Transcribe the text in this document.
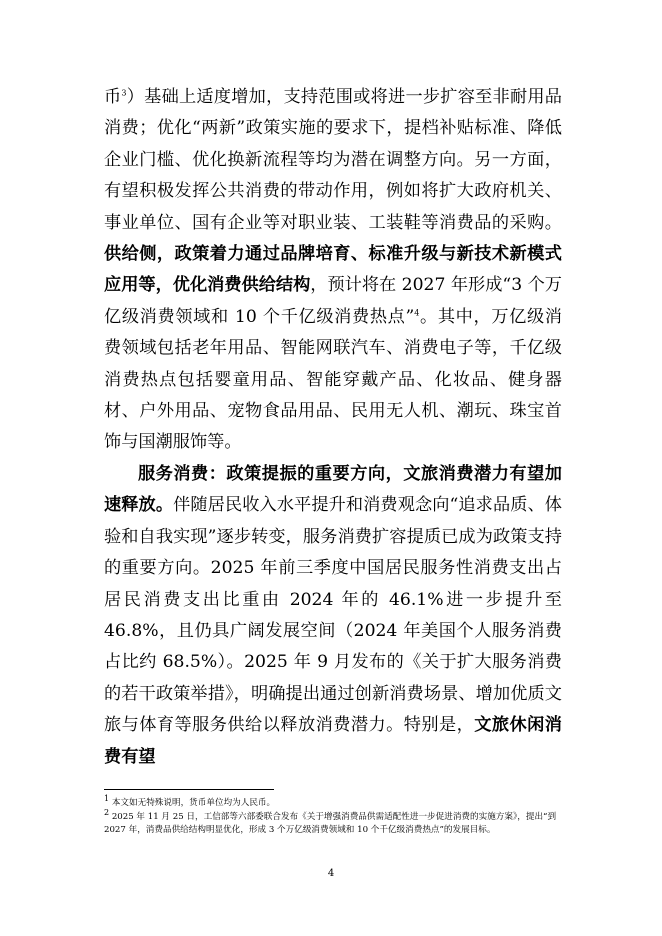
币$^3$）基础上适度增加，支持范围或将进一步扩容至非耐用品消费；优化“两新”政策实施的要求下，提档补贴标准、降低企业门槛、优化换新流程等均为潜在调整方向。另一方面，有望积极发挥公共消费的带动作用，例如将扩大政府机关、事业单位、国有企业等对职业装、工装鞋等消费品的采购。供给侧，政策着力通过品牌培育、标准升级与新技术新模式应用等，优化消费供给结构，预计将在 2027 年形成“3 个万亿级消费领域和 10 个千亿级消费热点”$^4$。其中，万亿级消费领域包括老年用品、智能网联汽车、消费电子等，千亿级消费热点包括婴童用品、智能穿戴产品、化妆品、健身器材、户外用品、宠物食品用品、民用无人机、潮玩、珠宝首饰与国潮服饰等。

服务消费：政策提振的重要方向，文旅消费潜力有望加速释放。伴随居民收入水平提升和消费观念向“追求品质、体验和自我实现”逐步转变，服务消费扩容提质已成为政策支持的重要方向。2025 年前三季度中国居民服务性消费支出占居民消费支出比重由 2024 年的 46.1%进一步提升至 46.8%，且仍具广阔发展空间（2024 年美国个人服务消费占比约 68.5%）。2025 年 9 月发布的《关于扩大服务消费的若干政策举措》，明确提出通过创新消费场景、增加优质文旅与体育等服务供给以释放消费潜力。特别是，文旅休闲消费有望

$^1$ 本文如无特殊说明，货币单位均为人民币。
$^2$ 2025 年 11 月 25 日，工信部等六部委联合发布《关于增强消费品供需适配性进一步促进消费的实施方案》，提出“到 2027 年，消费品供给结构明显优化，形成 3 个万亿级消费领域和 10 个千亿级消费热点”的发展目标。
4
